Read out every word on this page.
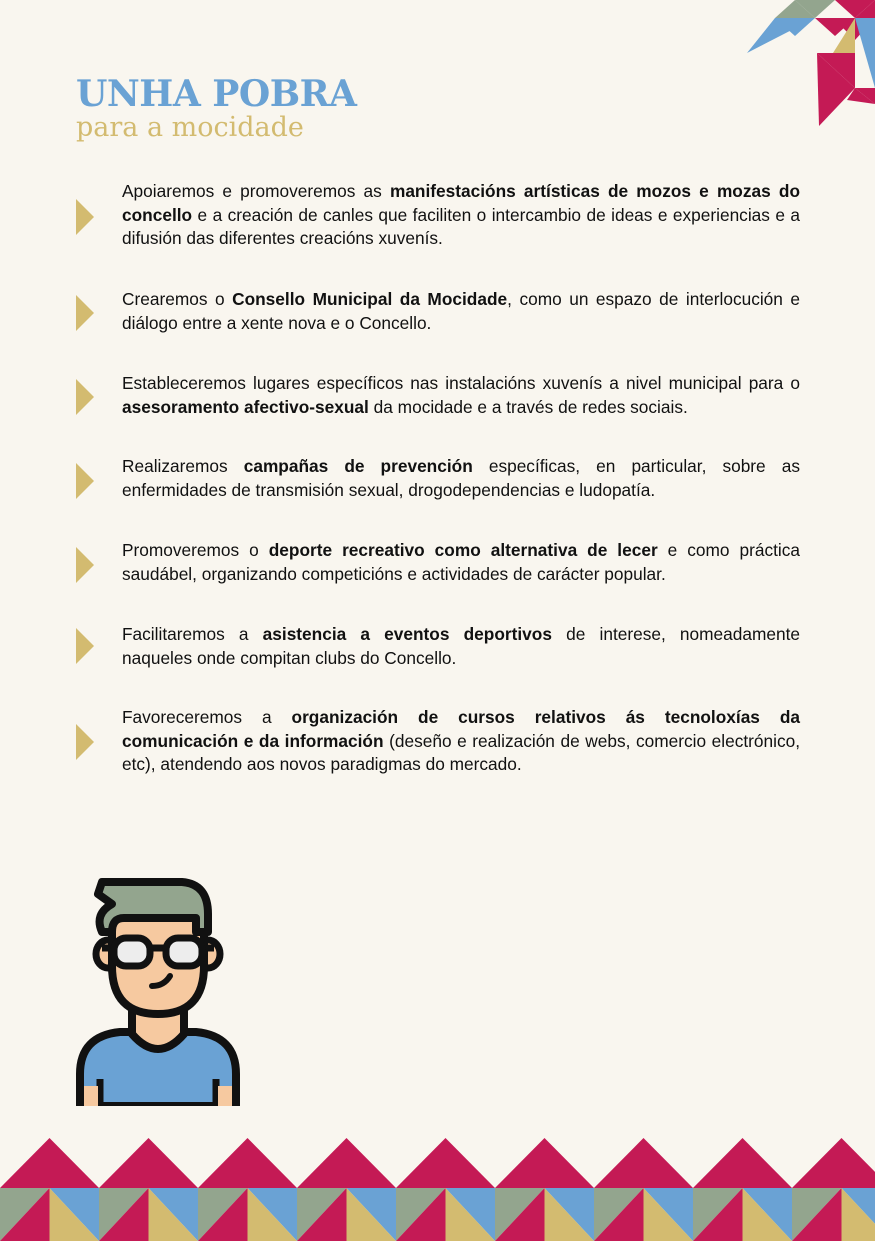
UNHA POBRA
para a mocidade
Apoiaremos e promoveremos as manifestacións artísticas de mozos e mozas do concello e a creación de canles que faciliten o intercambio de ideas e experiencias e a difusión das diferentes creacións xuvenís.
Crearemos o Consello Municipal da Mocidade, como un espazo de interlocución e diálogo entre a xente nova e o Concello.
Estableceremos lugares específicos nas instalacións xuvenís a nivel municipal para o asesoramento afectivo-sexual da mocidade e a través de redes sociais.
Realizaremos campañas de prevención específicas, en particular, sobre as enfermidades de transmisión sexual, drogodependencias e ludopatía.
Promoveremos o deporte recreativo como alternativa de lecer e como práctica saudábel, organizando competicións e actividades de carácter popular.
Facilitaremos a asistencia a eventos deportivos de interese, nomeadamente naqueles onde compitan clubs do Concello.
Favoreceremos a organización de cursos relativos ás tecnoloxías da comunicación e da información (deseño e realización de webs, comercio electrónico, etc), atendendo aos novos paradigmas do mercado.
